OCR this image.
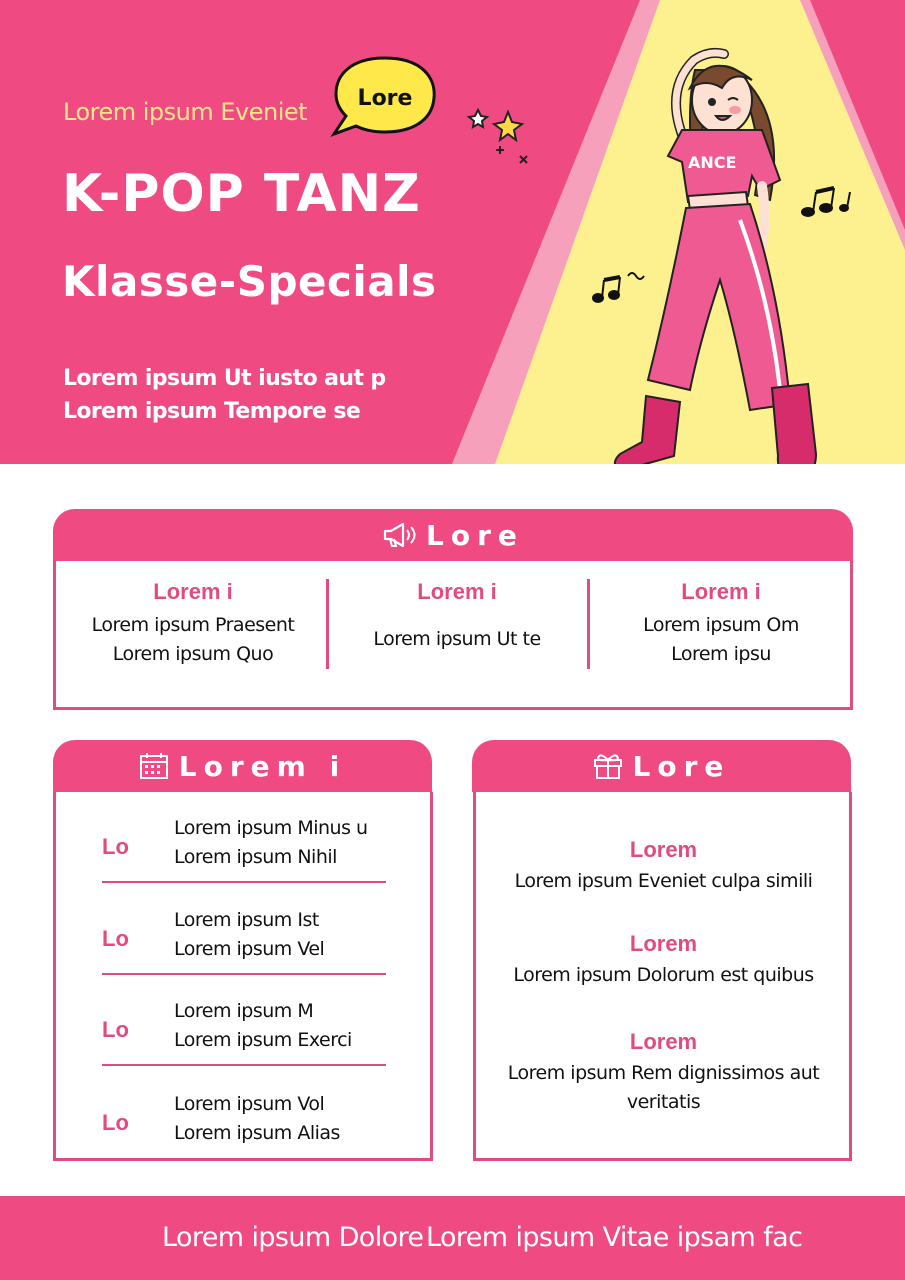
ANCE
Lorem ipsum Eveniet	Lore
K-POP TANZ
Klasse-Specials
Lorem ipsum Ut iusto aut p
Lorem ipsum Tempore se
Lore
Lorem i
Lorem ipsum Praesent
Lorem ipsum Quo
Lorem i
Lorem ipsum Ut te
Lorem i
Lorem ipsum Om
Lorem ipsu
Lorem i
Lo
Lorem ipsum Minus u
Lorem ipsum Nihil
Lo
Lorem ipsum Ist
Lorem ipsum Vel
Lo
Lorem ipsum M
Lorem ipsum Exerci
Lo
Lorem ipsum Vol
Lorem ipsum Alias
Lore
Lorem
Lorem ipsum Eveniet culpa simili
Lorem
Lorem ipsum Dolorum est quibus
Lorem
Lorem ipsum Rem dignissimos aut
veritatis
Lorem ipsum Dolore Lorem ipsum Vitae ipsam fac
